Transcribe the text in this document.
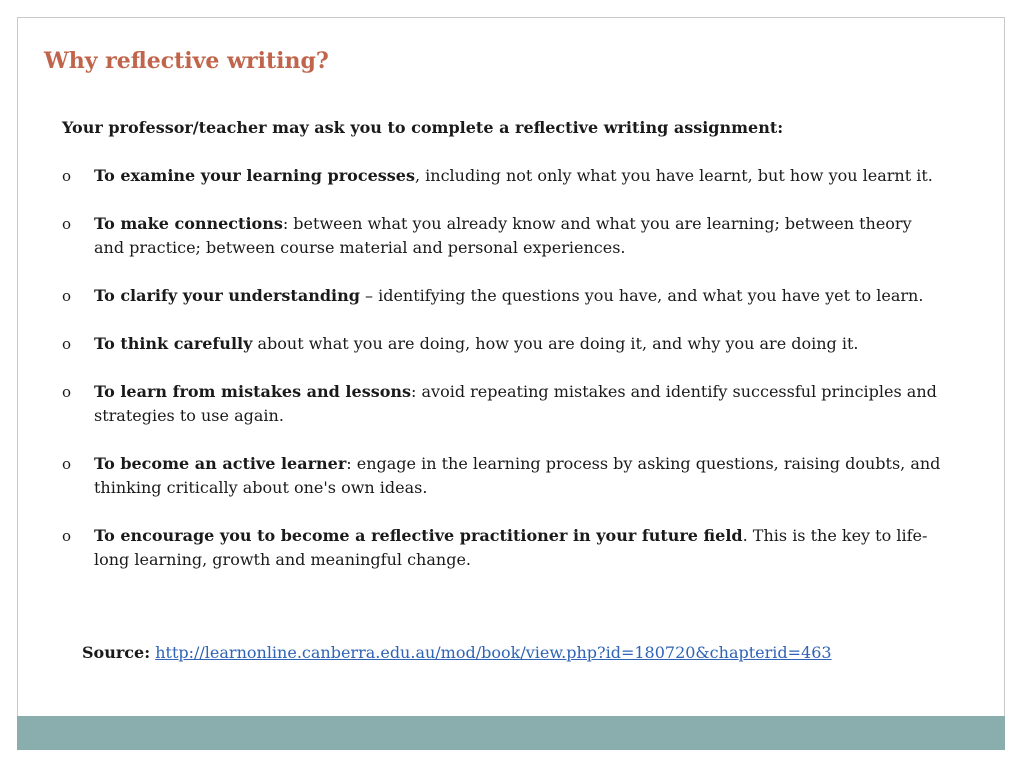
Why reflective writing?

Your professor/teacher may ask you to complete a reflective writing assignment:

o To examine your learning processes, including not only what you have learnt, but how you learnt it.
o To make connections: between what you already know and what you are learning; between theory and practice; between course material and personal experiences.
o To clarify your understanding – identifying the questions you have, and what you have yet to learn.
o To think carefully about what you are doing, how you are doing it, and why you are doing it.
o To learn from mistakes and lessons: avoid repeating mistakes and identify successful principles and strategies to use again.
o To become an active learner: engage in the learning process by asking questions, raising doubts, and thinking critically about one's own ideas.
o To encourage you to become a reflective practitioner in your future field. This is the key to life-long learning, growth and meaningful change.
Source: http://learnonline.canberra.edu.au/mod/book/view.php?id=180720&chapterid=463
